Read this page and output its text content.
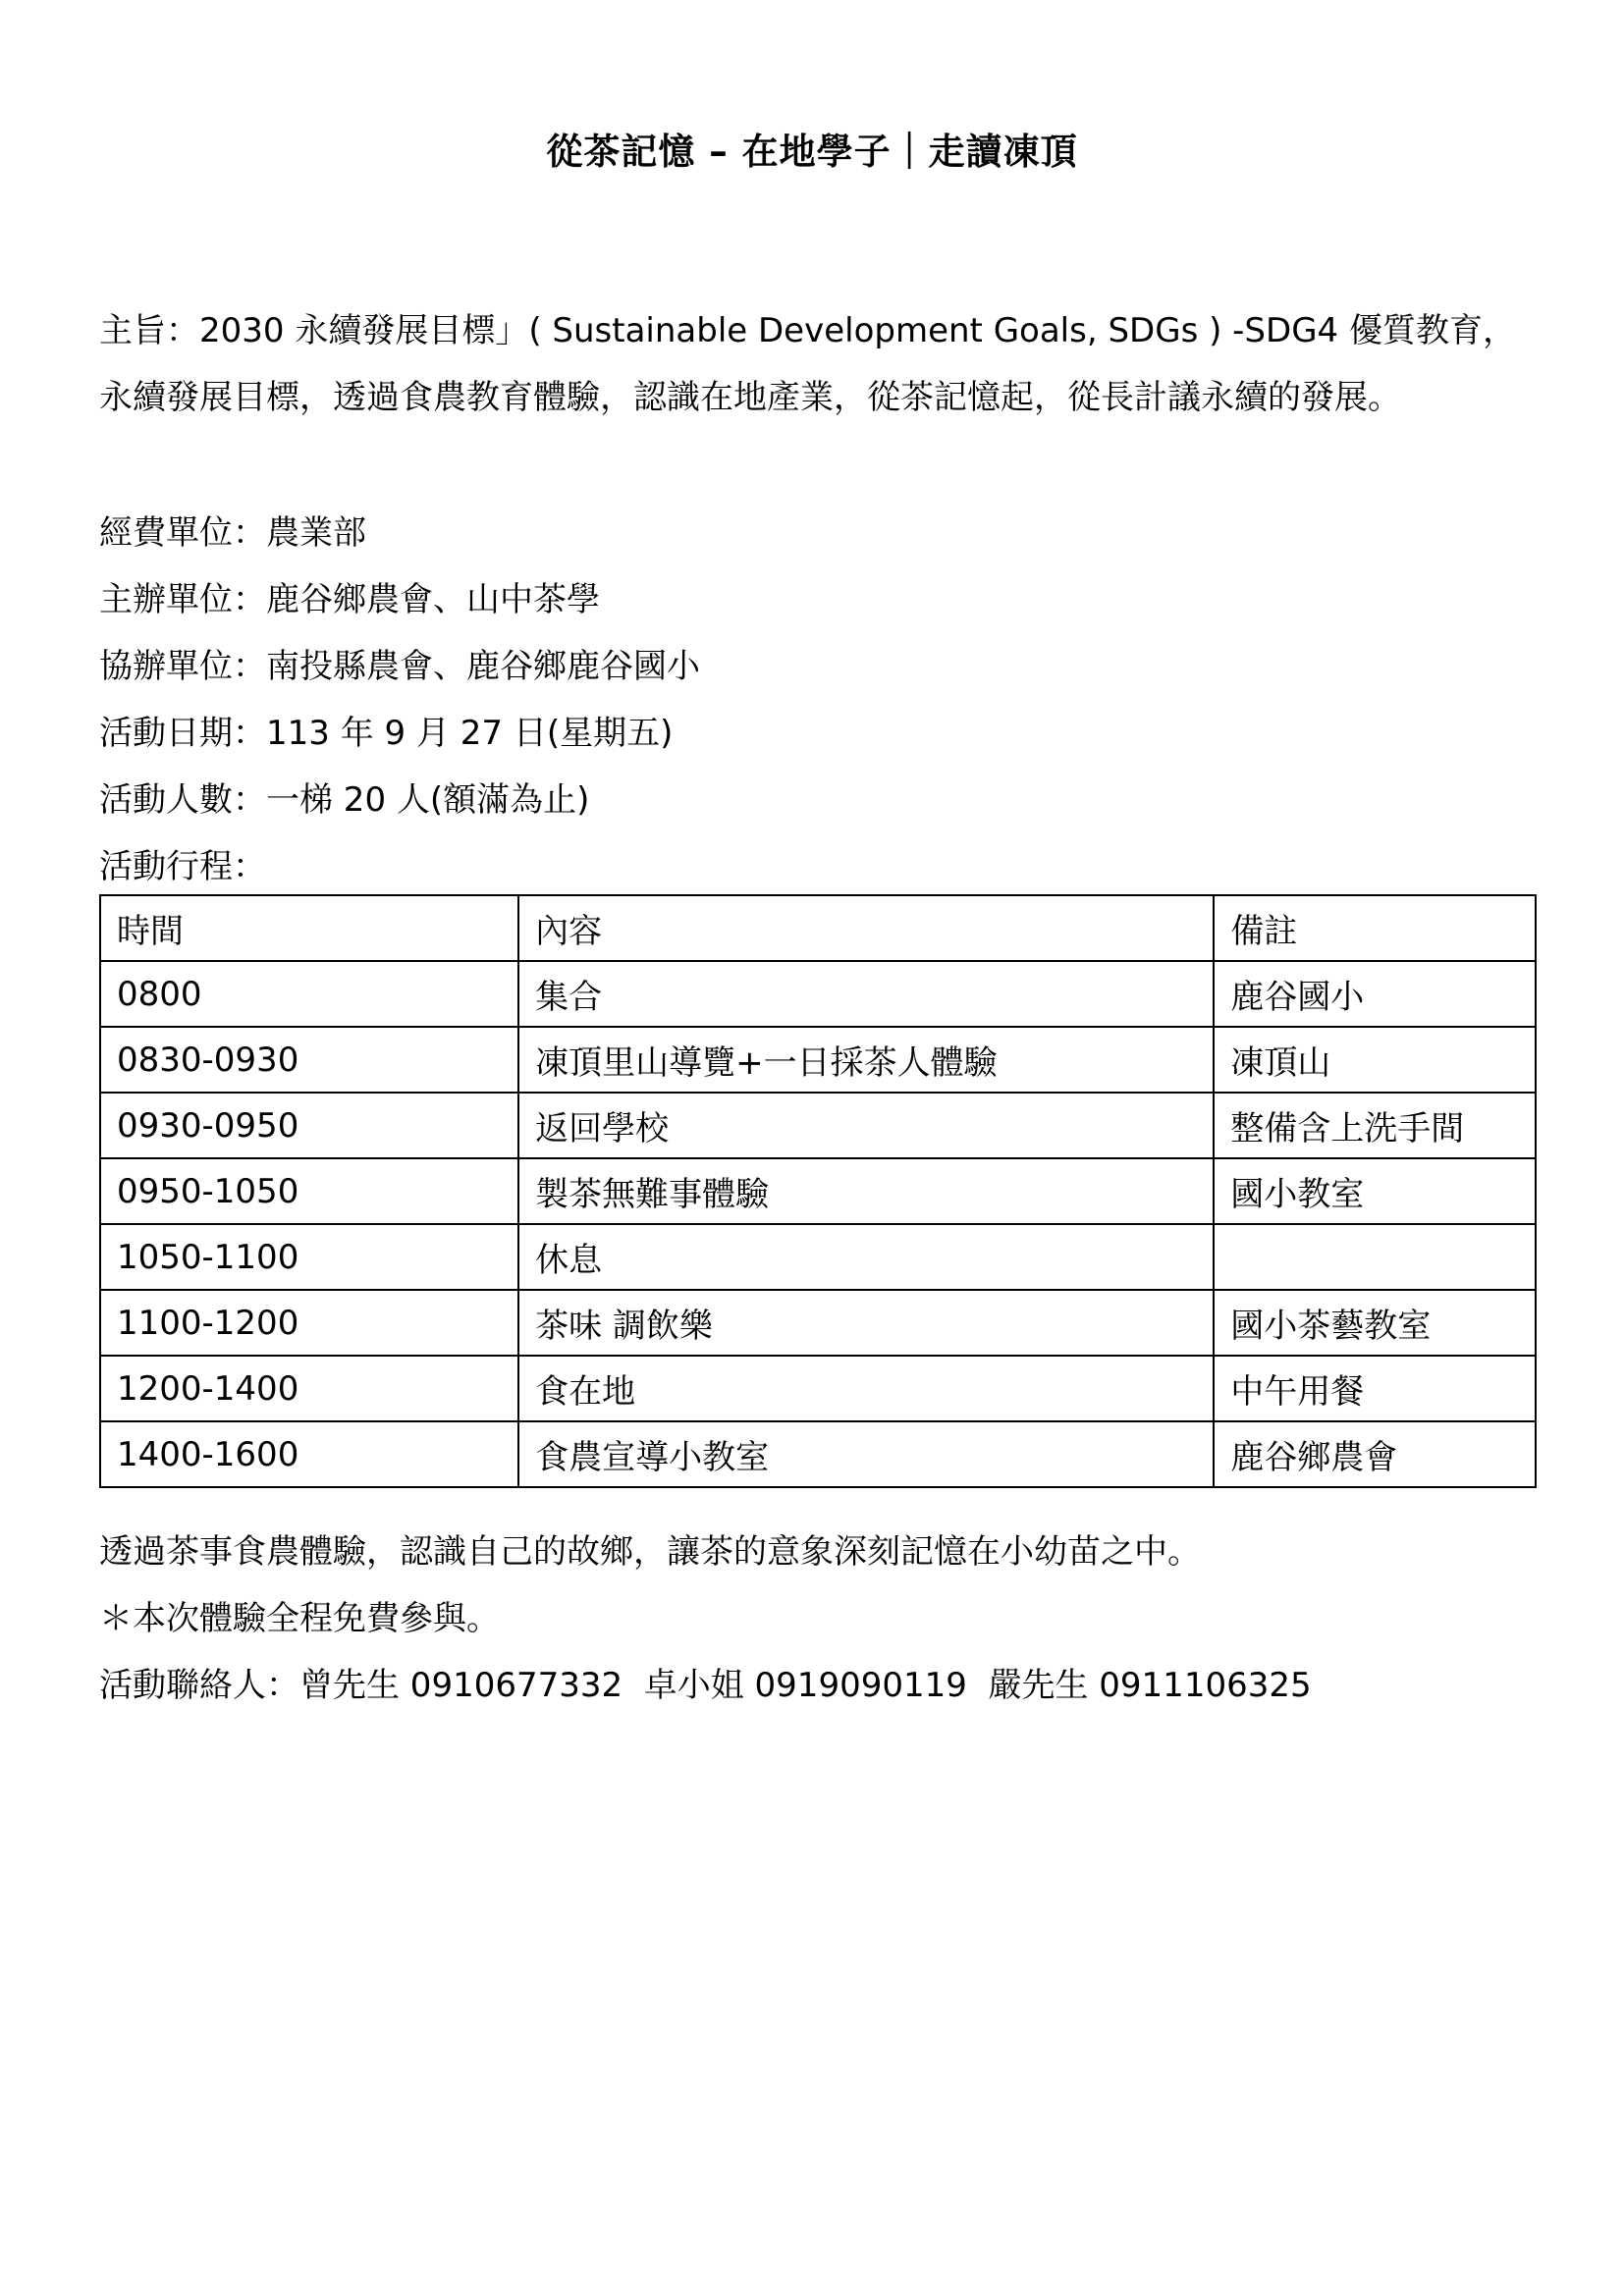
從茶記憶 – 在地學子｜走讀凍頂
主旨：2030 永續發展目標」( Sustainable Development Goals, SDGs ) -SDG4 優質教育，永續發展目標，透過食農教育體驗，認識在地產業，從茶記憶起，從長計議永續的發展。
經費單位：農業部
主辦單位：鹿谷鄉農會、山中茶學
協辦單位：南投縣農會、鹿谷鄉鹿谷國小
活動日期：113 年 9 月 27 日(星期五)
活動人數：一梯 20 人(額滿為止)
活動行程：
時間	內容	備註
0800	集合	鹿谷國小
0830-0930	凍頂里山導覽+一日採茶人體驗	凍頂山
0930-0950	返回學校	整備含上洗手間
0950-1050	製茶無難事體驗	國小教室
1050-1100	休息	
1100-1200	茶味 調飲樂	國小茶藝教室
1200-1400	食在地	中午用餐
1400-1600	食農宣導小教室	鹿谷鄉農會
透過茶事食農體驗，認識自己的故鄉，讓茶的意象深刻記憶在小幼苗之中。
＊本次體驗全程免費參與。
活動聯絡人：曾先生 0910677332  卓小姐 0919090119  嚴先生 0911106325
